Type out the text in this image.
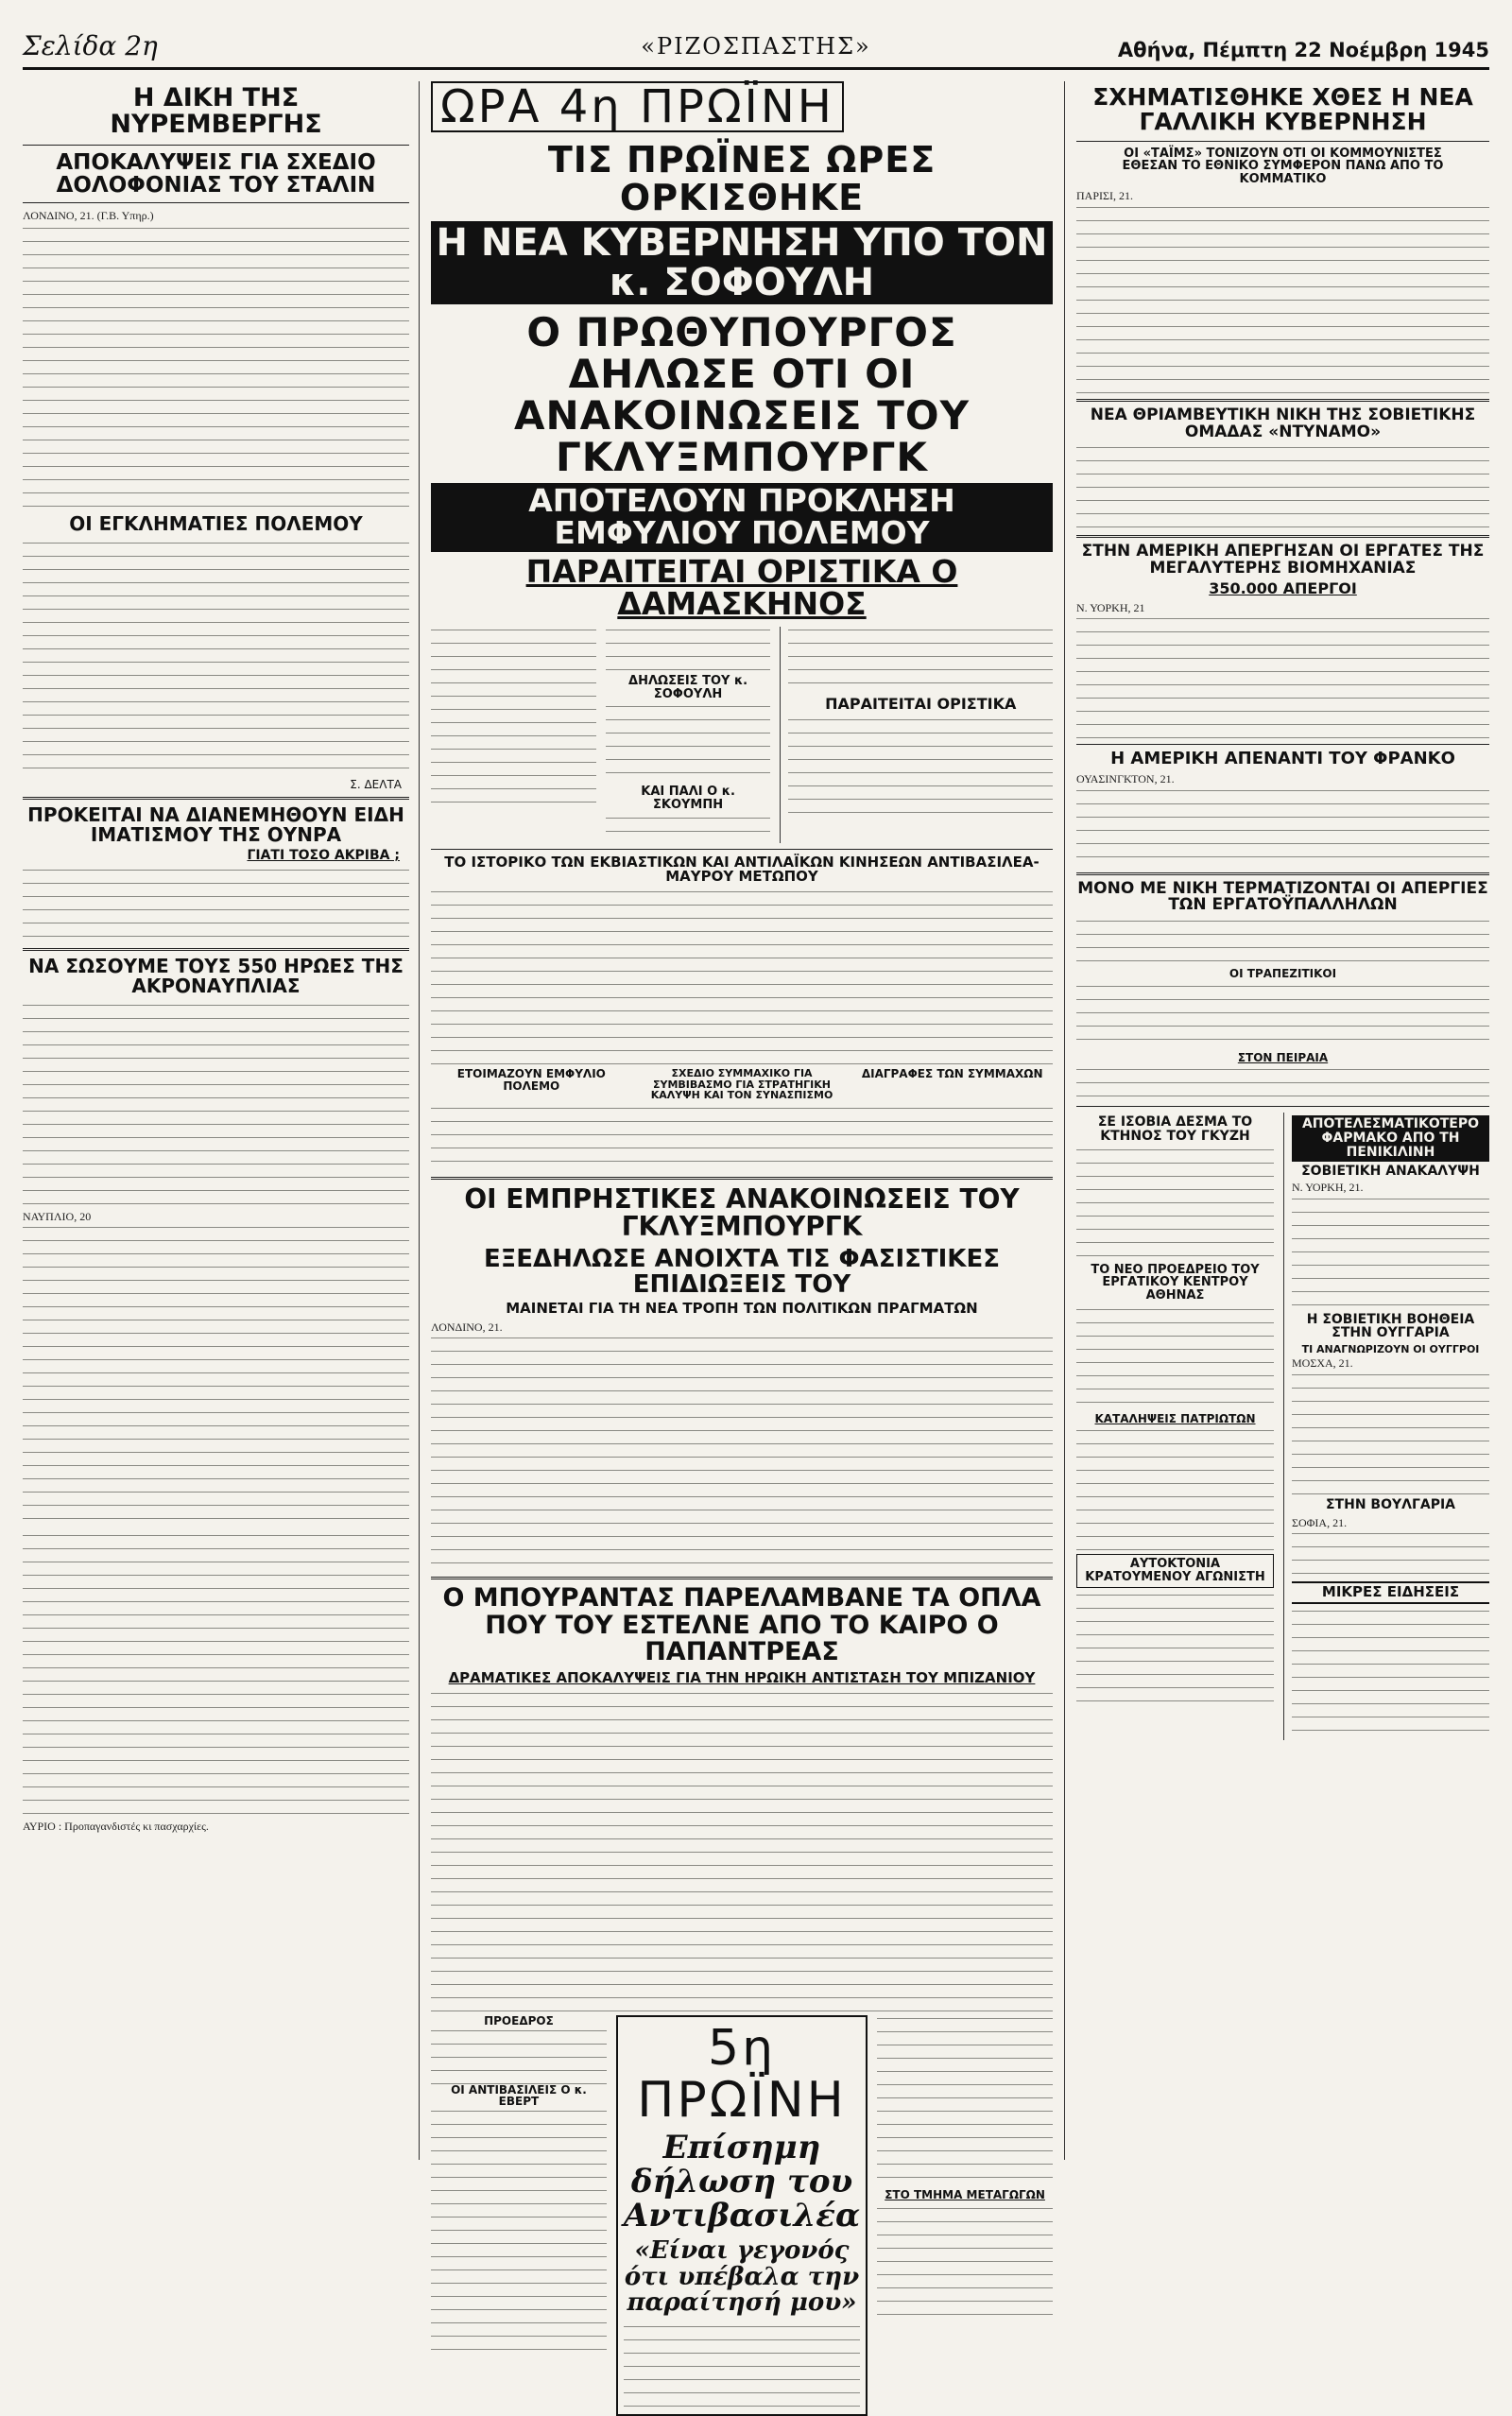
Σελίδα 2η	«ΡΙΖΟΣΠΑΣΤΗΣ»	Αθήνα, Πέμπτη 22 Νοέμβρη 1945
Η ΔΙΚΗ ΤΗΣ ΝΥΡΕΜΒΕΡΓΗΣ
ΑΠΟΚΑΛΥΨΕΙΣ ΓΙΑ ΣΧΕΔΙΟ ΔΟΛΟΦΟΝΙΑΣ ΤΟΥ ΣΤΑΛΙΝ
ΛΟΝΔΙΝΟ, 21. (Γ.Β. Υπηρ.)
ΟΙ ΕΓΚΛΗΜΑΤΙΕΣ ΠΟΛΕΜΟΥ
Σ. ΔΕΛΤΑ
ΠΡΟΚΕΙΤΑΙ ΝΑ ΔΙΑΝΕΜΗΘΟΥΝ ΕΙΔΗ ΙΜΑΤΙΣΜΟΥ ΤΗΣ ΟΥΝΡΑ
ΓΙΑΤΙ ΤΟΣΟ ΑΚΡΙΒΑ ;
ΝΑ ΣΩΣΟΥΜΕ ΤΟΥΣ 550 ΗΡΩΕΣ ΤΗΣ ΑΚΡΟΝΑΥΠΛΙΑΣ
ΝΑΥΠΛΙΟ, 20
ΑΥΡΙΟ : Προπαγανδιστές κι πασχαρχίες.
ΩΡΑ 4η ΠΡΩΪΝΗ
ΤΙΣ ΠΡΩΪΝΕΣ ΩΡΕΣ ΟΡΚΙΣΘΗΚΕ
Η ΝΕΑ ΚΥΒΕΡΝΗΣΗ ΥΠΟ ΤΟΝ κ. ΣΟΦΟΥΛΗ
Ο ΠΡΩΘΥΠΟΥΡΓΟΣ ΔΗΛΩΣΕ ΟΤΙ ΟΙ ΑΝΑΚΟΙΝΩΣΕΙΣ ΤΟΥ ΓΚΛΥΞΜΠΟΥΡΓΚ
ΑΠΟΤΕΛΟΥΝ ΠΡΟΚΛΗΣΗ ΕΜΦΥΛΙΟΥ ΠΟΛΕΜΟΥ
ΠΑΡΑΙΤΕΙΤΑΙ ΟΡΙΣΤΙΚΑ Ο ΔΑΜΑΣΚΗΝΟΣ
ΔΗΛΩΣΕΙΣ ΤΟΥ κ. ΣΟΦΟΥΛΗ
ΚΑΙ ΠΑΛΙ Ο κ. ΣΚΟΥΜΠΗ
ΠΑΡΑΙΤΕΙΤΑΙ ΟΡΙΣΤΙΚΑ
ΤΟ ΙΣΤΟΡΙΚΟ ΤΩΝ ΕΚΒΙΑΣΤΙΚΩΝ ΚΑΙ ΑΝΤΙΛΑΪΚΩΝ ΚΙΝΗΣΕΩΝ ΑΝΤΙΒΑΣΙΛΕΑ-ΜΑΥΡΟΥ ΜΕΤΩΠΟΥ
ΕΤΟΙΜΑΖΟΥΝ ΕΜΦΥΛΙΟ ΠΟΛΕΜΟ
ΣΧΕΔΙΟ ΣΥΜΜΑΧΙΚΟ ΓΙΑ ΣΥΜΒΙΒΑΣΜΟ ΓΙΑ ΣΤΡΑΤΗΓΙΚΗ ΚΑΛΥΨΗ ΚΑΙ ΤΟΝ ΣΥΝΑΣΠΙΣΜΟ
ΔΙΑΓΡΑΦΕΣ ΤΩΝ ΣΥΜΜΑΧΩΝ
ΟΙ ΕΜΠΡΗΣΤΙΚΕΣ ΑΝΑΚΟΙΝΩΣΕΙΣ ΤΟΥ ΓΚΛΥΞΜΠΟΥΡΓΚ
ΕΞΕΔΗΛΩΣΕ ΑΝΟΙΧΤΑ ΤΙΣ ΦΑΣΙΣΤΙΚΕΣ ΕΠΙΔΙΩΞΕΙΣ ΤΟΥ
ΜΑΙΝΕΤΑΙ ΓΙΑ ΤΗ ΝΕΑ ΤΡΟΠΗ ΤΩΝ ΠΟΛΙΤΙΚΩΝ ΠΡΑΓΜΑΤΩΝ
ΛΟΝΔΙΝΟ, 21.
Ο ΜΠΟΥΡΑΝΤΑΣ ΠΑΡΕΛΑΜΒΑΝΕ ΤΑ ΟΠΛΑ ΠΟΥ ΤΟΥ ΕΣΤΕΛΝΕ ΑΠΟ ΤΟ ΚΑΙΡΟ Ο ΠΑΠΑΝΤΡΕΑΣ
ΔΡΑΜΑΤΙΚΕΣ ΑΠΟΚΑΛΥΨΕΙΣ ΓΙΑ ΤΗΝ ΗΡΩΙΚΗ ΑΝΤΙΣΤΑΣΗ ΤΟΥ ΜΠΙΖΑΝΙΟΥ
ΠΡΟΕΔΡΟΣ
ΟΙ ΑΝΤΙΒΑΣΙΛΕΙΣ Ο κ. ΕΒΕΡΤ
5η ΠΡΩΪΝΗ
Επίσημη δήλωση του Αντιβασιλέα
«Είναι γεγονός ότι υπέβαλα την παραίτησή μου»
ΣΤΟ ΤΜΗΜΑ ΜΕΤΑΓΩΓΩΝ
ΣΧΗΜΑΤΙΣΘΗΚΕ ΧΘΕΣ Η ΝΕΑ ΓΑΛΛΙΚΗ ΚΥΒΕΡΝΗΣΗ
ΟΙ «ΤΑΪΜΣ» ΤΟΝΙΖΟΥΝ ΟΤΙ ΟΙ ΚΟΜΜΟΥΝΙΣΤΕΣ ΕΘΕΣΑΝ ΤΟ ΕΘΝΙΚΟ ΣΥΜΦΕΡΟΝ ΠΑΝΩ ΑΠΟ ΤΟ ΚΟΜΜΑΤΙΚΟ
ΠΑΡΙΣΙ, 21.
ΝΕΑ ΘΡΙΑΜΒΕΥΤΙΚΗ ΝΙΚΗ ΤΗΣ ΣΟΒΙΕΤΙΚΗΣ ΟΜΑΔΑΣ «ΝΤΥΝΑΜΟ»
ΣΤΗΝ ΑΜΕΡΙΚΗ ΑΠΕΡΓΗΣΑΝ ΟΙ ΕΡΓΑΤΕΣ ΤΗΣ ΜΕΓΑΛΥΤΕΡΗΣ ΒΙΟΜΗΧΑΝΙΑΣ
350.000 ΑΠΕΡΓΟΙ
Ν. ΥΟΡΚΗ, 21
Η ΑΜΕΡΙΚΗ ΑΠΕΝΑΝΤΙ ΤΟΥ ΦΡΑΝΚΟ
ΟΥΑΣΙΝΓΚΤΟΝ, 21.
ΜΟΝΟ ΜΕ ΝΙΚΗ ΤΕΡΜΑΤΙΖΟΝΤΑΙ ΟΙ ΑΠΕΡΓΙΕΣ ΤΩΝ ΕΡΓΑΤΟΫΠΑΛΛΗΛΩΝ
ΟΙ ΤΡΑΠΕΖΙΤΙΚΟΙ
ΣΤΟΝ ΠΕΙΡΑΙΑ
ΣΕ ΙΣΟΒΙΑ ΔΕΣΜΑ ΤΟ ΚΤΗΝΟΣ ΤΟΥ ΓΚΥΖΗ
ΤΟ ΝΕΟ ΠΡΟΕΔΡΕΙΟ ΤΟΥ ΕΡΓΑΤΙΚΟΥ ΚΕΝΤΡΟΥ ΑΘΗΝΑΣ
ΚΑΤΑΛΗΨΕΙΣ ΠΑΤΡΙΩΤΩΝ
ΑΥΤΟΚΤΟΝΙΑ ΚΡΑΤΟΥΜΕΝΟΥ ΑΓΩΝΙΣΤΗ
ΑΠΟΤΕΛΕΣΜΑΤΙΚΟΤΕΡΟ ΦΑΡΜΑΚΟ ΑΠΟ ΤΗ ΠΕΝΙΚΙΛΙΝΗ
ΣΟΒΙΕΤΙΚΗ ΑΝΑΚΑΛΥΨΗ
Ν. ΥΟΡΚΗ, 21.
Η ΣΟΒΙΕΤΙΚΗ ΒΟΗΘΕΙΑ ΣΤΗΝ ΟΥΓΓΑΡΙΑ
ΤΙ ΑΝΑΓΝΩΡΙΖΟΥΝ ΟΙ ΟΥΓΓΡΟΙ
ΜΟΣΧΑ, 21.
ΣΤΗΝ ΒΟΥΛΓΑΡΙΑ
ΣΟΦΙΑ, 21.
ΜΙΚΡΕΣ ΕΙΔΗΣΕΙΣ
